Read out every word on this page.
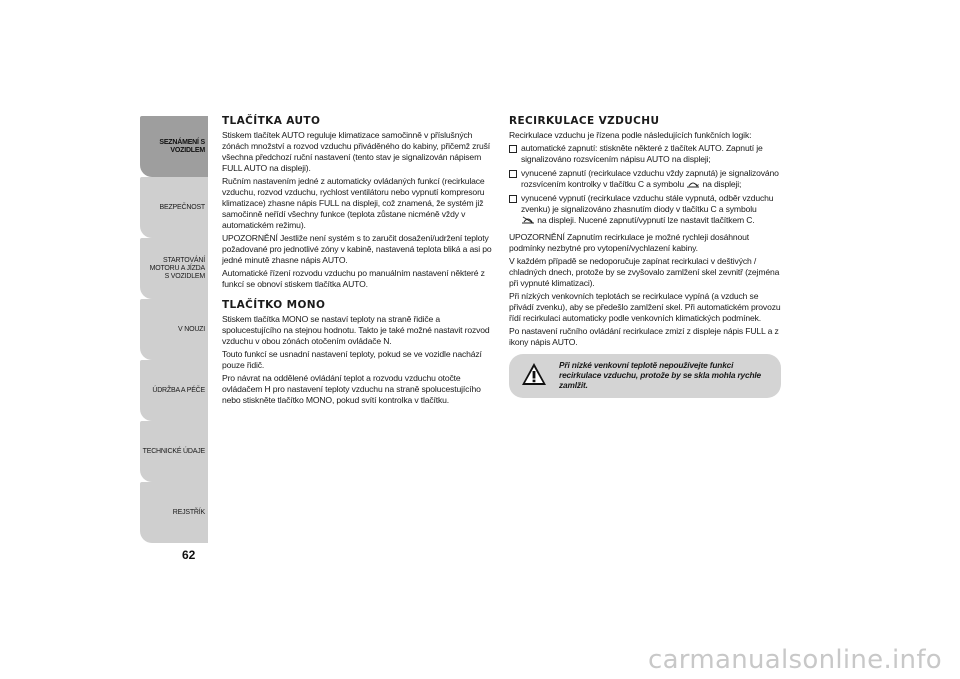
SEZNÁMENÍ S VOZIDLEM
BEZPEČNOST
STARTOVÁNÍ MOTORU A JÍZDA S VOZIDLEM
V NOUZI
ÚDRŽBA A PÉČE
TECHNICKÉ ÚDAJE
REJSTŘÍK
62
TLAČÍTKA AUTO

Stiskem tlačítek AUTO reguluje klimatizace samočinně v příslušných zónách množství a rozvod vzduchu přiváděného do kabiny, přičemž zruší všechna předchozí ruční nastavení (tento stav je signalizován nápisem FULL AUTO na displeji).

Ručním nastavením jedné z automaticky ovládaných funkcí (recirkulace vzduchu, rozvod vzduchu, rychlost ventilátoru nebo vypnutí kompresoru klimatizace) zhasne nápis FULL na displeji, což znamená, že systém již samočinně neřídí všechny funkce (teplota zůstane nicméně vždy v automatickém režimu).

UPOZORNĚNÍ Jestliže není systém s to zaručit dosažení/udržení teploty požadované pro jednotlivé zóny v kabině, nastavená teplota bliká a asi po jedné minutě zhasne nápis AUTO.

Automatické řízení rozvodu vzduchu po manuálním nastavení některé z funkcí se obnoví stiskem tlačítka AUTO.

TLAČÍTKO MONO

Stiskem tlačítka MONO se nastaví teploty na straně řidiče a spolucestujícího na stejnou hodnotu. Takto je také možné nastavit rozvod vzduchu v obou zónách otočením ovládače N.

Touto funkcí se usnadní nastavení teploty, pokud se ve vozidle nachází pouze řidič.

Pro návrat na oddělené ovládání teplot a rozvodu vzduchu otočte ovládačem H pro nastavení teploty vzduchu na straně spolucestujícího nebo stiskněte tlačítko MONO, pokud svítí kontrolka v tlačítku.

RECIRKULACE VZDUCHU

Recirkulace vzduchu je řízena podle následujících funkčních logik:

automatické zapnutí: stiskněte některé z tlačítek AUTO. Zapnutí je signalizováno rozsvícením nápisu AUTO na displeji;
vynucené zapnutí (recirkulace vzduchu vždy zapnutá) je signalizováno rozsvícením kontrolky v tlačítku C a symbolu na displeji;
vynucené vypnutí (recirkulace vzduchu stále vypnutá, odběr vzduchu zvenku) je signalizováno zhasnutím diody v tlačítku C a symbolu
na displeji. Nucené zapnutí/vypnutí lze nastavit tlačítkem C.

UPOZORNĚNÍ Zapnutím recirkulace je možné rychleji dosáhnout podmínky nezbytné pro vytopení/vychlazení kabiny.

V každém případě se nedoporučuje zapínat recirkulaci v deštivých / chladných dnech, protože by se zvyšovalo zamlžení skel zevnitř (zejména při vypnuté klimatizaci).

Při nízkých venkovních teplotách se recirkulace vypíná (a vzduch se přivádí zvenku), aby se předešlo zamlžení skel. Při automatickém provozu řídí recirkulaci automaticky podle venkovních klimatických podmínek.

Po nastavení ručního ovládání recirkulace zmizí z displeje nápis FULL a z ikony nápis AUTO.

Při nízké venkovní teplotě nepoužívejte funkci recirkulace vzduchu, protože by se skla mohla rychle zamlžit.
carmanualsonline.info
